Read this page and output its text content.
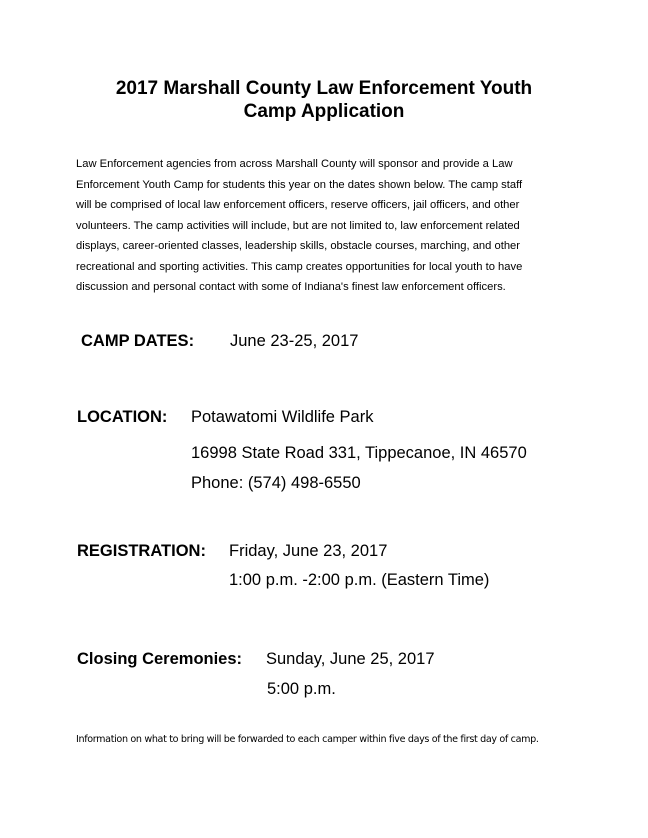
2017 Marshall County Law Enforcement Youth
Camp Application

Law Enforcement agencies from across Marshall County will sponsor and provide a Law
Enforcement Youth Camp for students this year on the dates shown below. The camp staff
will be comprised of local law enforcement officers, reserve officers, jail officers, and other
volunteers. The camp activities will include, but are not limited to, law enforcement related
displays, career-oriented classes, leadership skills, obstacle courses, marching, and other
recreational and sporting activities. This camp creates opportunities for local youth to have
discussion and personal contact with some of Indiana's finest law enforcement officers.

CAMP DATES: June 23-25, 2017
LOCATION: Potawatomi Wildlife Park
16998 State Road 331, Tippecanoe, IN 46570
Phone: (574) 498-6550
REGISTRATION: Friday, June 23, 2017
1:00 p.m. -2:00 p.m. (Eastern Time)
Closing Ceremonies: Sunday, June 25, 2017
5:00 p.m.
Information on what to bring will be forwarded to each camper within five days of the first day of camp.
